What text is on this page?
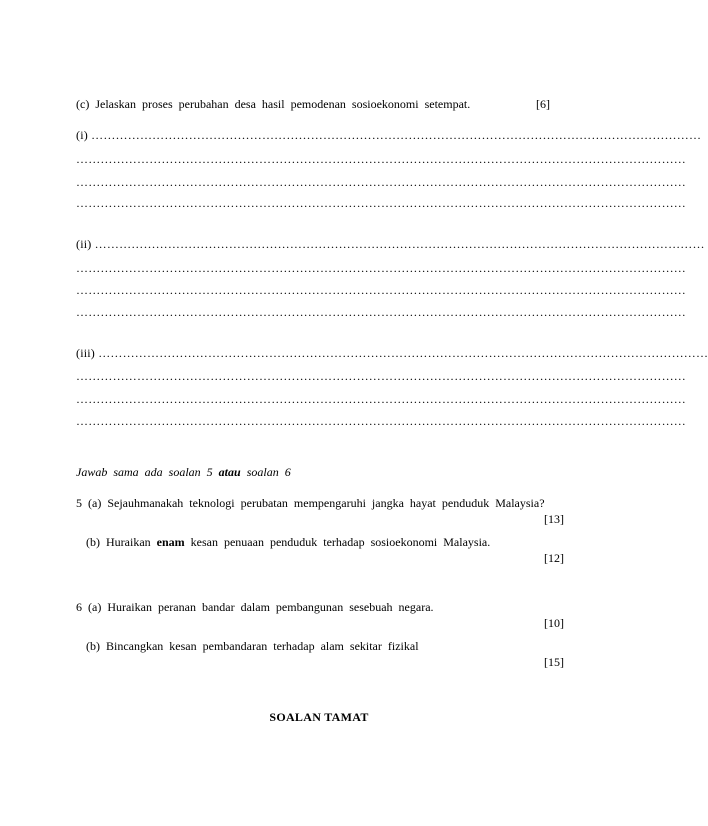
(c) Jelaskan proses perubahan desa hasil pemodenan sosioekonomi setempat.	[6]
(i) ……………………………………………………………………………………………………………………………………
……………………………………………………………………………………………………………………………………
……………………………………………………………………………………………………………………………………
……………………………………………………………………………………………………………………………………
(ii) ……………………………………………………………………………………………………………………………………
……………………………………………………………………………………………………………………………………
……………………………………………………………………………………………………………………………………
……………………………………………………………………………………………………………………………………
(iii) ……………………………………………………………………………………………………………………………………
……………………………………………………………………………………………………………………………………
……………………………………………………………………………………………………………………………………
……………………………………………………………………………………………………………………………………
Jawab sama ada soalan 5 atau soalan 6
5 (a) Sejauhmanakah teknologi perubatan mempengaruhi jangka hayat penduduk Malaysia?
[13]
(b) Huraikan enam kesan penuaan penduduk terhadap sosioekonomi Malaysia.
[12]
6 (a) Huraikan peranan bandar dalam pembangunan sesebuah negara.
[10]
(b) Bincangkan kesan pembandaran terhadap alam sekitar fizikal
[15]
SOALAN TAMAT
